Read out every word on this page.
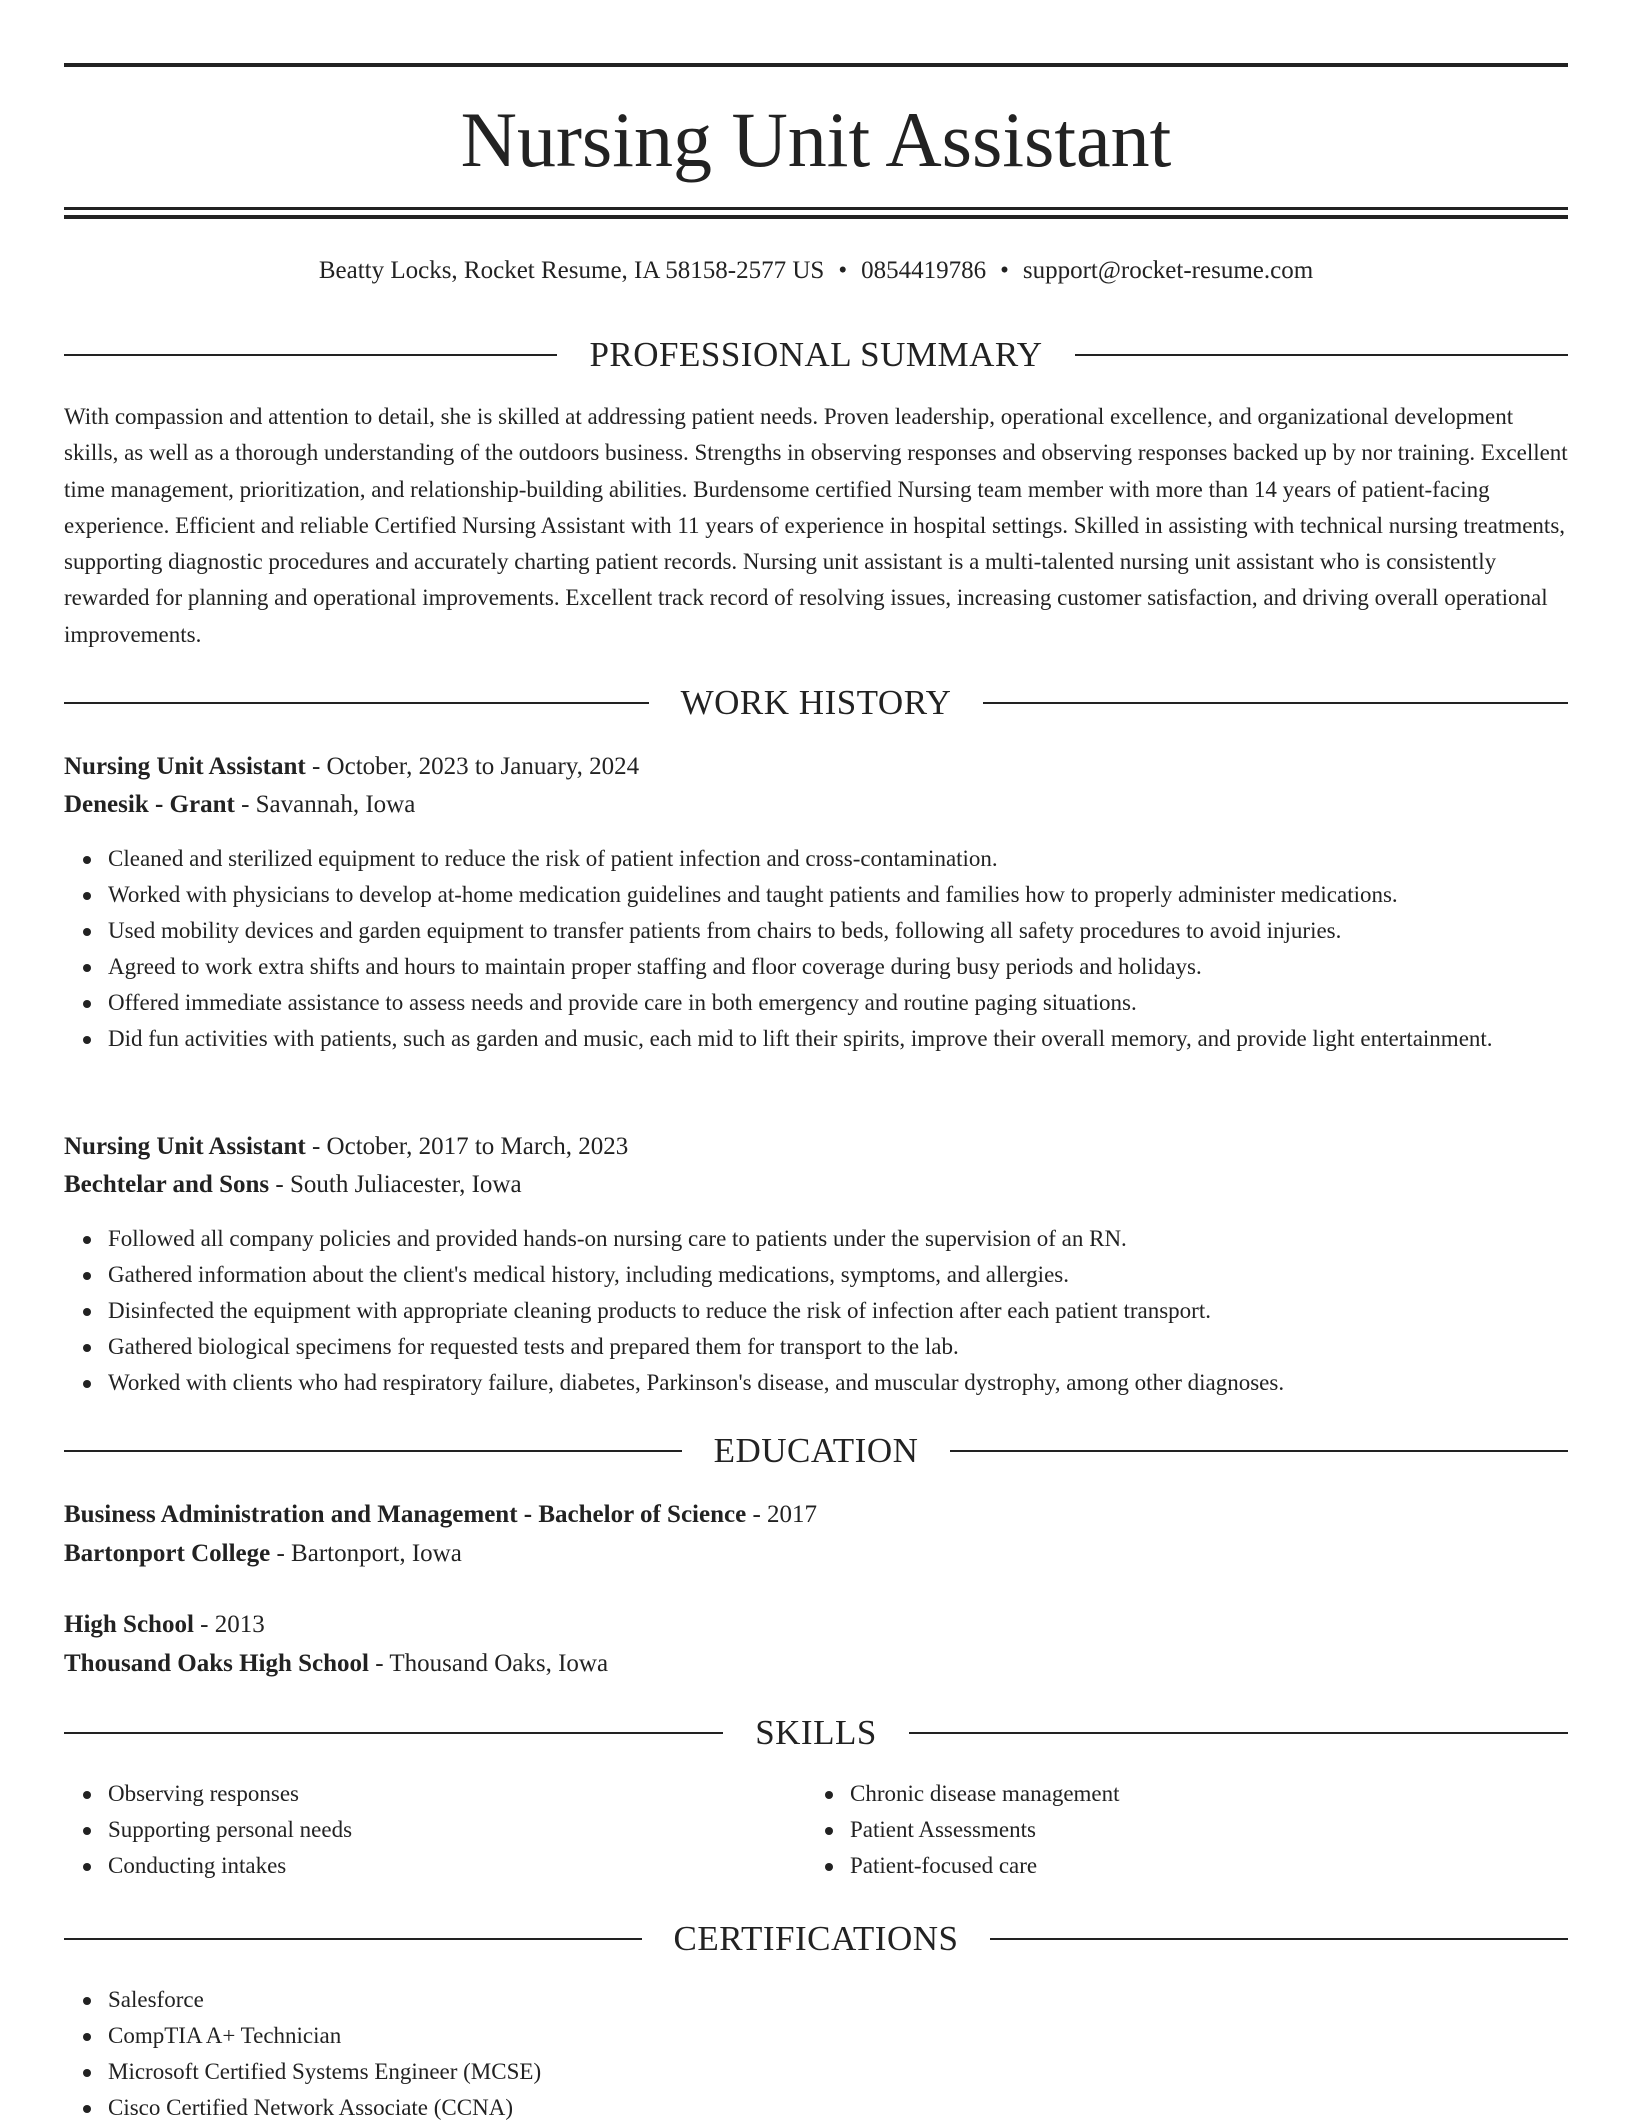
Nursing Unit Assistant
Beatty Locks, Rocket Resume, IA 58158-2577 US • 0854419786 • support@rocket-resume.com
PROFESSIONAL SUMMARY

With compassion and attention to detail, she is skilled at addressing patient needs. Proven leadership, operational excellence, and organizational development skills, as well as a thorough understanding of the outdoors business. Strengths in observing responses and observing responses backed up by nor training. Excellent time management, prioritization, and relationship-building abilities. Burdensome certified Nursing team member with more than 14 years of patient-facing experience. Efficient and reliable Certified Nursing Assistant with 11 years of experience in hospital settings. Skilled in assisting with technical nursing treatments, supporting diagnostic procedures and accurately charting patient records. Nursing unit assistant is a multi-talented nursing unit assistant who is consistently rewarded for planning and operational improvements. Excellent track record of resolving issues, increasing customer satisfaction, and driving overall operational improvements.

WORK HISTORY
Nursing Unit Assistant - October, 2023 to January, 2024
Denesik - Grant - Savannah, Iowa
Cleaned and sterilized equipment to reduce the risk of patient infection and cross-contamination.
Worked with physicians to develop at-home medication guidelines and taught patients and families how to properly administer medications.
Used mobility devices and garden equipment to transfer patients from chairs to beds, following all safety procedures to avoid injuries.
Agreed to work extra shifts and hours to maintain proper staffing and floor coverage during busy periods and holidays.
Offered immediate assistance to assess needs and provide care in both emergency and routine paging situations.
Did fun activities with patients, such as garden and music, each mid to lift their spirits, improve their overall memory, and provide light entertainment.
Nursing Unit Assistant - October, 2017 to March, 2023
Bechtelar and Sons - South Juliacester, Iowa
Followed all company policies and provided hands-on nursing care to patients under the supervision of an RN.
Gathered information about the client's medical history, including medications, symptoms, and allergies.
Disinfected the equipment with appropriate cleaning products to reduce the risk of infection after each patient transport.
Gathered biological specimens for requested tests and prepared them for transport to the lab.
Worked with clients who had respiratory failure, diabetes, Parkinson's disease, and muscular dystrophy, among other diagnoses.
EDUCATION
Business Administration and Management - Bachelor of Science - 2017
Bartonport College - Bartonport, Iowa
High School - 2013
Thousand Oaks High School - Thousand Oaks, Iowa
SKILLS
Observing responses
Supporting personal needs
Conducting intakes
Chronic disease management
Patient Assessments
Patient-focused care
CERTIFICATIONS
Salesforce
CompTIA A+ Technician
Microsoft Certified Systems Engineer (MCSE)
Cisco Certified Network Associate (CCNA)
